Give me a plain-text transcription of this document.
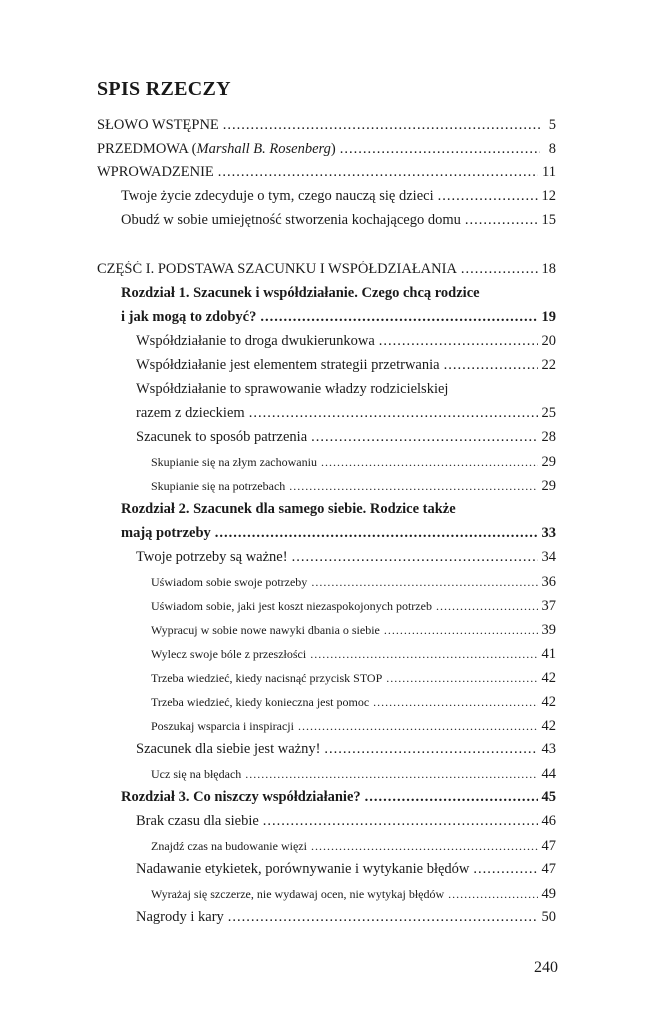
SPIS RZECZY
SŁOWO WSTĘPNE .....	5
PRZEDMOWA (Marshall B. Rosenberg) .....	8
WPROWADZENIE .....	11
Twoje życie zdecyduje o tym, czego nauczą się dzieci .....	12
Obudź w sobie umiejętność stworzenia kochającego domu .....	15
CZĘŚĆ I. PODSTAWA SZACUNKU I WSPÓŁDZIAŁANIA .....	18
Rozdział 1. Szacunek i współdziałanie. Czego chcą rodzice
i jak mogą to zdobyć? .....	19
Współdziałanie to droga dwukierunkowa .....	20
Współdziałanie jest elementem strategii przetrwania .....	22
Współdziałanie to sprawowanie władzy rodzicielskiej
razem z dzieckiem .....	25
Szacunek to sposób patrzenia .....	28
Skupianie się na złym zachowaniu .....	29
Skupianie się na potrzebach .....	29
Rozdział 2. Szacunek dla samego siebie. Rodzice także
mają potrzeby .....	33
Twoje potrzeby są ważne! .....	34
Uświadom sobie swoje potrzeby .....	36
Uświadom sobie, jaki jest koszt niezaspokojonych potrzeb .....	37
Wypracuj w sobie nowe nawyki dbania o siebie .....	39
Wylecz swoje bóle z przeszłości .....	41
Trzeba wiedzieć, kiedy nacisnąć przycisk STOP .....	42
Trzeba wiedzieć, kiedy konieczna jest pomoc .....	42
Poszukaj wsparcia i inspiracji .....	42
Szacunek dla siebie jest ważny! .....	43
Ucz się na błędach .....	44
Rozdział 3. Co niszczy współdziałanie? .....	45
Brak czasu dla siebie .....	46
Znajdź czas na budowanie więzi .....	47
Nadawanie etykietek, porównywanie i wytykanie błędów .....	47
Wyrażaj się szczerze, nie wydawaj ocen, nie wytykaj błędów .....	49
Nagrody i kary .....	50
240
